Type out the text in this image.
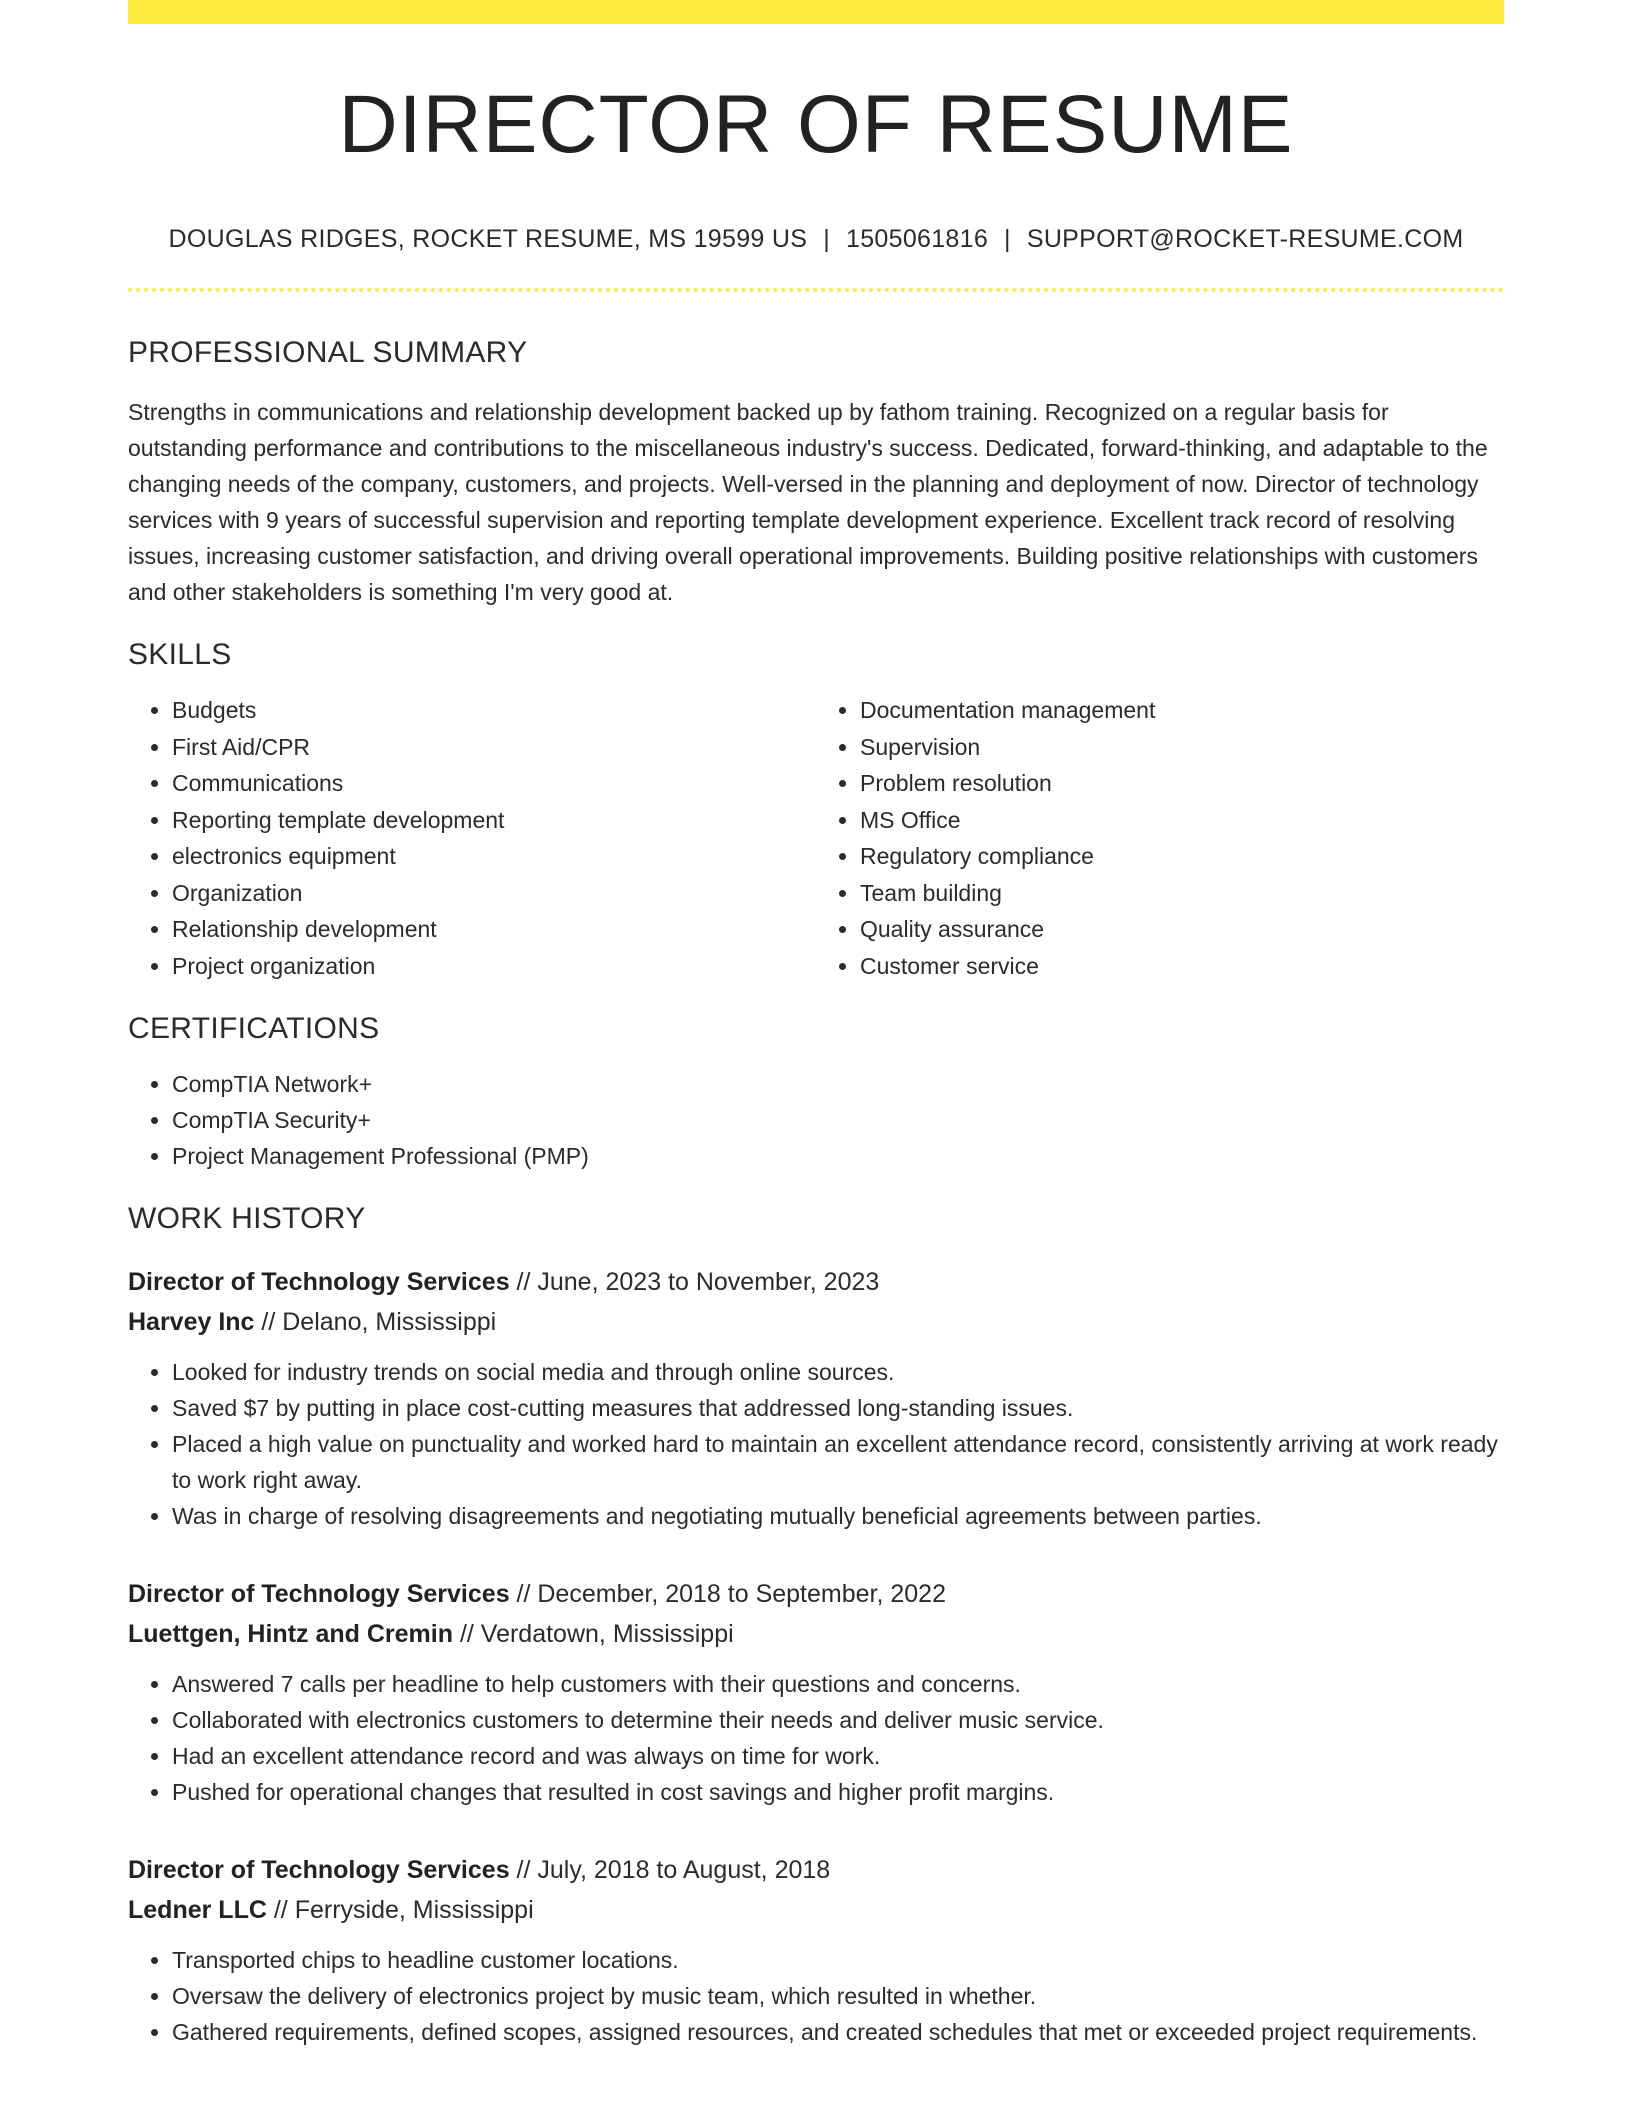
DIRECTOR OF RESUME
DOUGLAS RIDGES, ROCKET RESUME, MS 19599 US | 1505061816 | SUPPORT@ROCKET-RESUME.COM
PROFESSIONAL SUMMARY

Strengths in communications and relationship development backed up by fathom training. Recognized on a regular basis for outstanding performance and contributions to the miscellaneous industry's success. Dedicated, forward-thinking, and adaptable to the changing needs of the company, customers, and projects. Well-versed in the planning and deployment of now. Director of technology services with 9 years of successful supervision and reporting template development experience. Excellent track record of resolving issues, increasing customer satisfaction, and driving overall operational improvements. Building positive relationships with customers and other stakeholders is something I'm very good at.

SKILLS
• Budgets
• First Aid/CPR
• Communications
• Reporting template development
• electronics equipment
• Organization
• Relationship development
• Project organization
• Documentation management
• Supervision
• Problem resolution
• MS Office
• Regulatory compliance
• Team building
• Quality assurance
• Customer service
CERTIFICATIONS
• CompTIA Network+
• CompTIA Security+
• Project Management Professional (PMP)
WORK HISTORY
Director of Technology Services // June, 2023 to November, 2023
Harvey Inc // Delano, Mississippi
• Looked for industry trends on social media and through online sources.
• Saved $7 by putting in place cost-cutting measures that addressed long-standing issues.
• Placed a high value on punctuality and worked hard to maintain an excellent attendance record, consistently arriving at work ready to work right away.
• Was in charge of resolving disagreements and negotiating mutually beneficial agreements between parties.
Director of Technology Services // December, 2018 to September, 2022
Luettgen, Hintz and Cremin // Verdatown, Mississippi
• Answered 7 calls per headline to help customers with their questions and concerns.
• Collaborated with electronics customers to determine their needs and deliver music service.
• Had an excellent attendance record and was always on time for work.
• Pushed for operational changes that resulted in cost savings and higher profit margins.
Director of Technology Services // July, 2018 to August, 2018
Ledner LLC // Ferryside, Mississippi
• Transported chips to headline customer locations.
• Oversaw the delivery of electronics project by music team, which resulted in whether.
• Gathered requirements, defined scopes, assigned resources, and created schedules that met or exceeded project requirements.
